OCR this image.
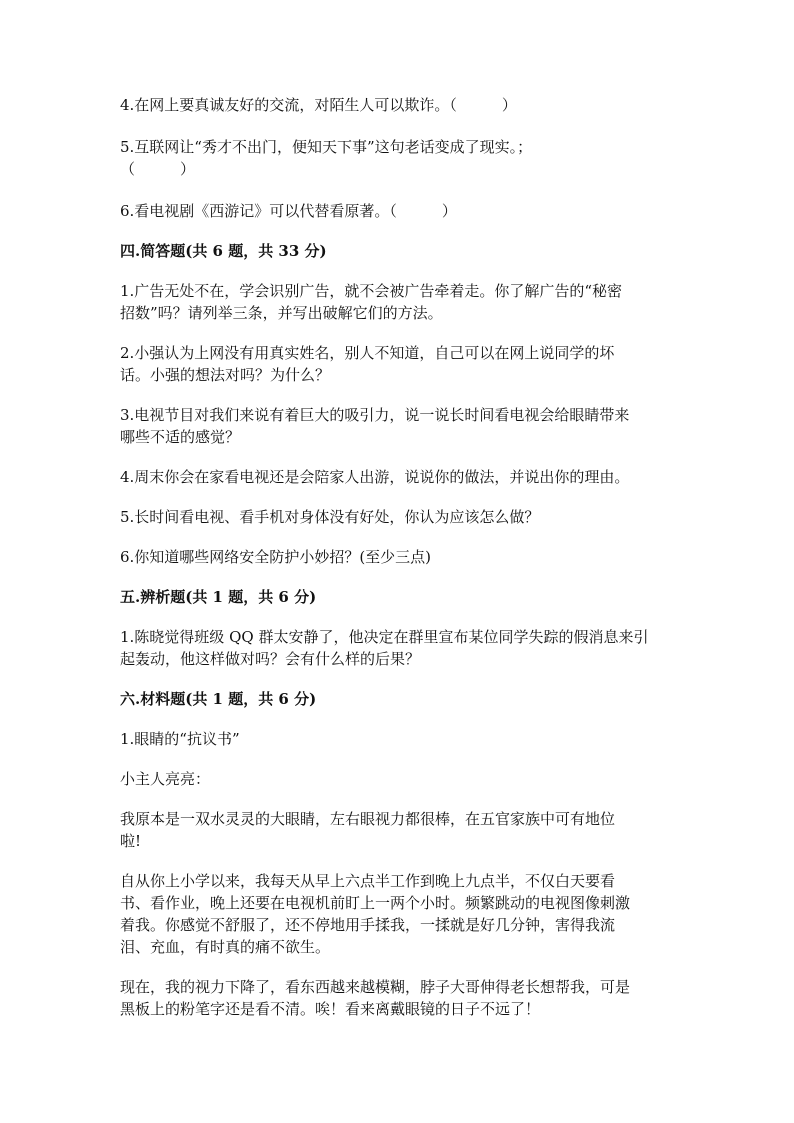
4.在网上要真诚友好的交流，对陌生人可以欺诈。（　　　）
5.互联网让“秀才不出门，便知天下事”这句老话变成了现实。；
（　　　）
6.看电视剧《西游记》可以代替看原著。（　　　）
四.简答题(共 6 题，共 33 分)
1.广告无处不在，学会识别广告，就不会被广告牵着走。你了解广告的“秘密
招数”吗？请列举三条，并写出破解它们的方法。
2.小强认为上网没有用真实姓名，别人不知道，自己可以在网上说同学的坏
话。小强的想法对吗？为什么？
3.电视节目对我们来说有着巨大的吸引力，说一说长时间看电视会给眼睛带来
哪些不适的感觉？
4.周末你会在家看电视还是会陪家人出游，说说你的做法，并说出你的理由。
5.长时间看电视、看手机对身体没有好处，你认为应该怎么做？
6.你知道哪些网络安全防护小妙招？(至少三点)
五.辨析题(共 1 题，共 6 分)
1.陈晓觉得班级 QQ 群太安静了，他决定在群里宣布某位同学失踪的假消息来引
起轰动，他这样做对吗？会有什么样的后果？
六.材料题(共 1 题，共 6 分)
1.眼睛的“抗议书”
小主人亮亮：
我原本是一双水灵灵的大眼睛，左右眼视力都很棒，在五官家族中可有地位
啦!
自从你上小学以来，我每天从早上六点半工作到晚上九点半，不仅白天要看
书、看作业，晚上还要在电视机前盯上一两个小时。频繁跳动的电视图像刺激
着我。你感觉不舒服了，还不停地用手揉我，一揉就是好几分钟，害得我流
泪、充血，有时真的痛不欲生。
现在，我的视力下降了，看东西越来越模糊，脖子大哥伸得老长想帮我，可是
黑板上的粉笔字还是看不清。唉！看来离戴眼镜的日子不远了！
